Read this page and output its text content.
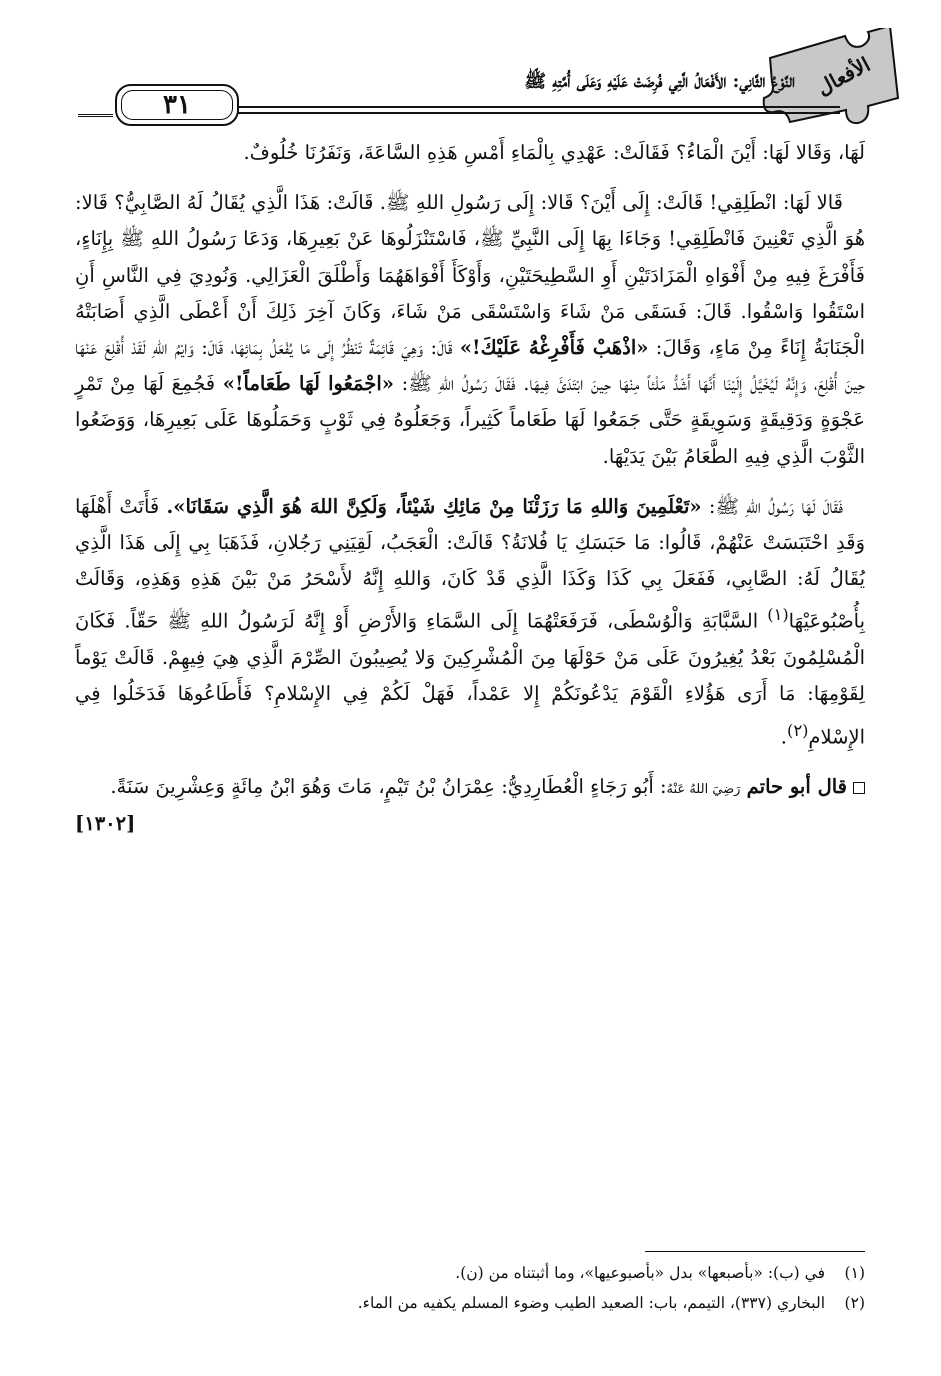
الأفعال
النَّوْعُ الثَّانِي: الأَفْعَالُ الَّتِي فُرِضَتْ عَلَيْهِ وَعَلَى أُمَّتِهِ ﷺ
٣١

لَهَا، وَقَالا لَهَا: أَيْنَ الْمَاءُ؟ فَقَالَتْ: عَهْدِي بِالْمَاءِ أَمْسِ هَذِهِ السَّاعَةَ، وَنَفَرُنَا خُلُوفٌ.

قَالا لَهَا: انْطَلِقِي! قَالَتْ: إِلَى أَيْنَ؟ قَالا: إِلَى رَسُولِ اللهِ ﷺ. قَالَتْ: هَذَا الَّذِي يُقَالُ لَهُ الصَّابِيُّ؟ قَالا: هُوَ الَّذِي تَعْنِينَ فَانْطَلِقِي! وَجَاءَا بِهَا إِلَى النَّبِيِّ ﷺ، فَاسْتَنْزَلُوهَا عَنْ بَعِيرِهَا، وَدَعَا رَسُولُ اللهِ ﷺ بِإِنَاءٍ، فَأَفْرَغَ فِيهِ مِنْ أَفْوَاهِ الْمَزَادَتَيْنِ أَوِ السَّطِيحَتَيْنِ، وَأَوْكَأَ أَفْوَاهَهُمَا وَأَطْلَقَ الْعَزَالِي. وَنُودِيَ فِي النَّاسِ أَنِ اسْتَقُوا وَاسْقُوا. قَالَ: فَسَقَى مَنْ شَاءَ وَاسْتَسْقَى مَنْ شَاءَ، وَكَانَ آخِرَ ذَلِكَ أَنْ أَعْطَى الَّذِي أَصَابَتْهُ الْجَنَابَةُ إِنَاءً مِنْ مَاءٍ، وَقَالَ: «اذْهَبْ فَأَفْرِغْهُ عَلَيْكَ!» قَالَ: وَهِيَ قَائِمَةٌ تَنْظُرُ إِلَى مَا يُفْعَلُ بِمَائِهَا، قَالَ: وَايْمُ اللهِ لَقَدْ أُقْلِعَ عَنْهَا حِينَ أُقْلِعَ، وَإِنَّهُ لَيُخَيَّلُ إِلَيْنَا أَنَّهَا أَشَدُّ مَلْئاً مِنْهَا حِينَ ابْتَدَئَ فِيهَا. فَقَالَ رَسُولُ اللهِ ﷺ: «اجْمَعُوا لَهَا طَعَاماً!» فَجُمِعَ لَهَا مِنْ تَمْرٍ عَجْوَةٍ وَدَقِيقَةٍ وَسَوِيقَةٍ حَتَّى جَمَعُوا لَهَا طَعَاماً كَثِيراً، وَجَعَلُوهُ فِي ثَوْبٍ وَحَمَلُوهَا عَلَى بَعِيرِهَا، وَوَضَعُوا الثَّوْبَ الَّذِي فِيهِ الطَّعَامُ بَيْنَ يَدَيْهَا.

فَقَالَ لَهَا رَسُولُ اللهِ ﷺ: «تَعْلَمِينَ وَاللهِ مَا رَزَئْنَا مِنْ مَائِكِ شَيْئاً، وَلَكِنَّ اللهَ هُوَ الَّذِي سَقَانَا». فَأَتَتْ أَهْلَهَا وَقَدِ احْتَبَسَتْ عَنْهُمْ، قَالُوا: مَا حَبَسَكِ يَا فُلانَةُ؟ قَالَتْ: الْعَجَبُ، لَقِيَنِي رَجُلانِ، فَذَهَبَا بِي إِلَى هَذَا الَّذِي يُقَالُ لَهُ: الصَّابِي، فَفَعَلَ بِي كَذَا وَكَذَا الَّذِي قَدْ كَانَ، وَاللهِ إِنَّهُ لأَسْحَرُ مَنْ بَيْنَ هَذِهِ وَهَذِهِ، وَقَالَتْ بِأُصْبُوعَيْهَا$^{(١)}$ السَّبَّابَةِ وَالْوُسْطَى، فَرَفَعَتْهُمَا إِلَى السَّمَاءِ وَالأَرْضِ أَوْ إِنَّهُ لَرَسُولُ اللهِ ﷺ حَقّاً. فَكَانَ الْمُسْلِمُونَ بَعْدُ يُغِيرُونَ عَلَى مَنْ حَوْلَهَا مِنَ الْمُشْرِكِينَ وَلا يُصِيبُونَ الصِّرْمَ الَّذِي هِيَ فِيهِمْ. قَالَتْ يَوْماً لِقَوْمِهَا: مَا أَرَى هَؤُلاءِ الْقَوْمَ يَدْعُونَكُمْ إِلا عَمْداً، فَهَلْ لَكُمْ فِي الإِسْلامِ؟ فَأَطَاعُوهَا فَدَخَلُوا فِي الإِسْلامِ$^{(٢)}$.

قال أبو حاتم رَضِيَ اللهُ عَنْهُ: أَبُو رَجَاءٍ الْعُطَارِدِيُّ: عِمْرَانُ بْنُ تَيْمٍ، مَاتَ وَهُوَ ابْنُ مِائَةٍ وَعِشْرِينَ سَنَةً.

[١٣٠٢]
(١)في (ب): «بأصبعها» بدل «بأصبوعيها»، وما أثبتناه من (ن).
(٢)البخاري (٣٣٧)، التيمم، باب: الصعيد الطيب وضوء المسلم يكفيه من الماء.
